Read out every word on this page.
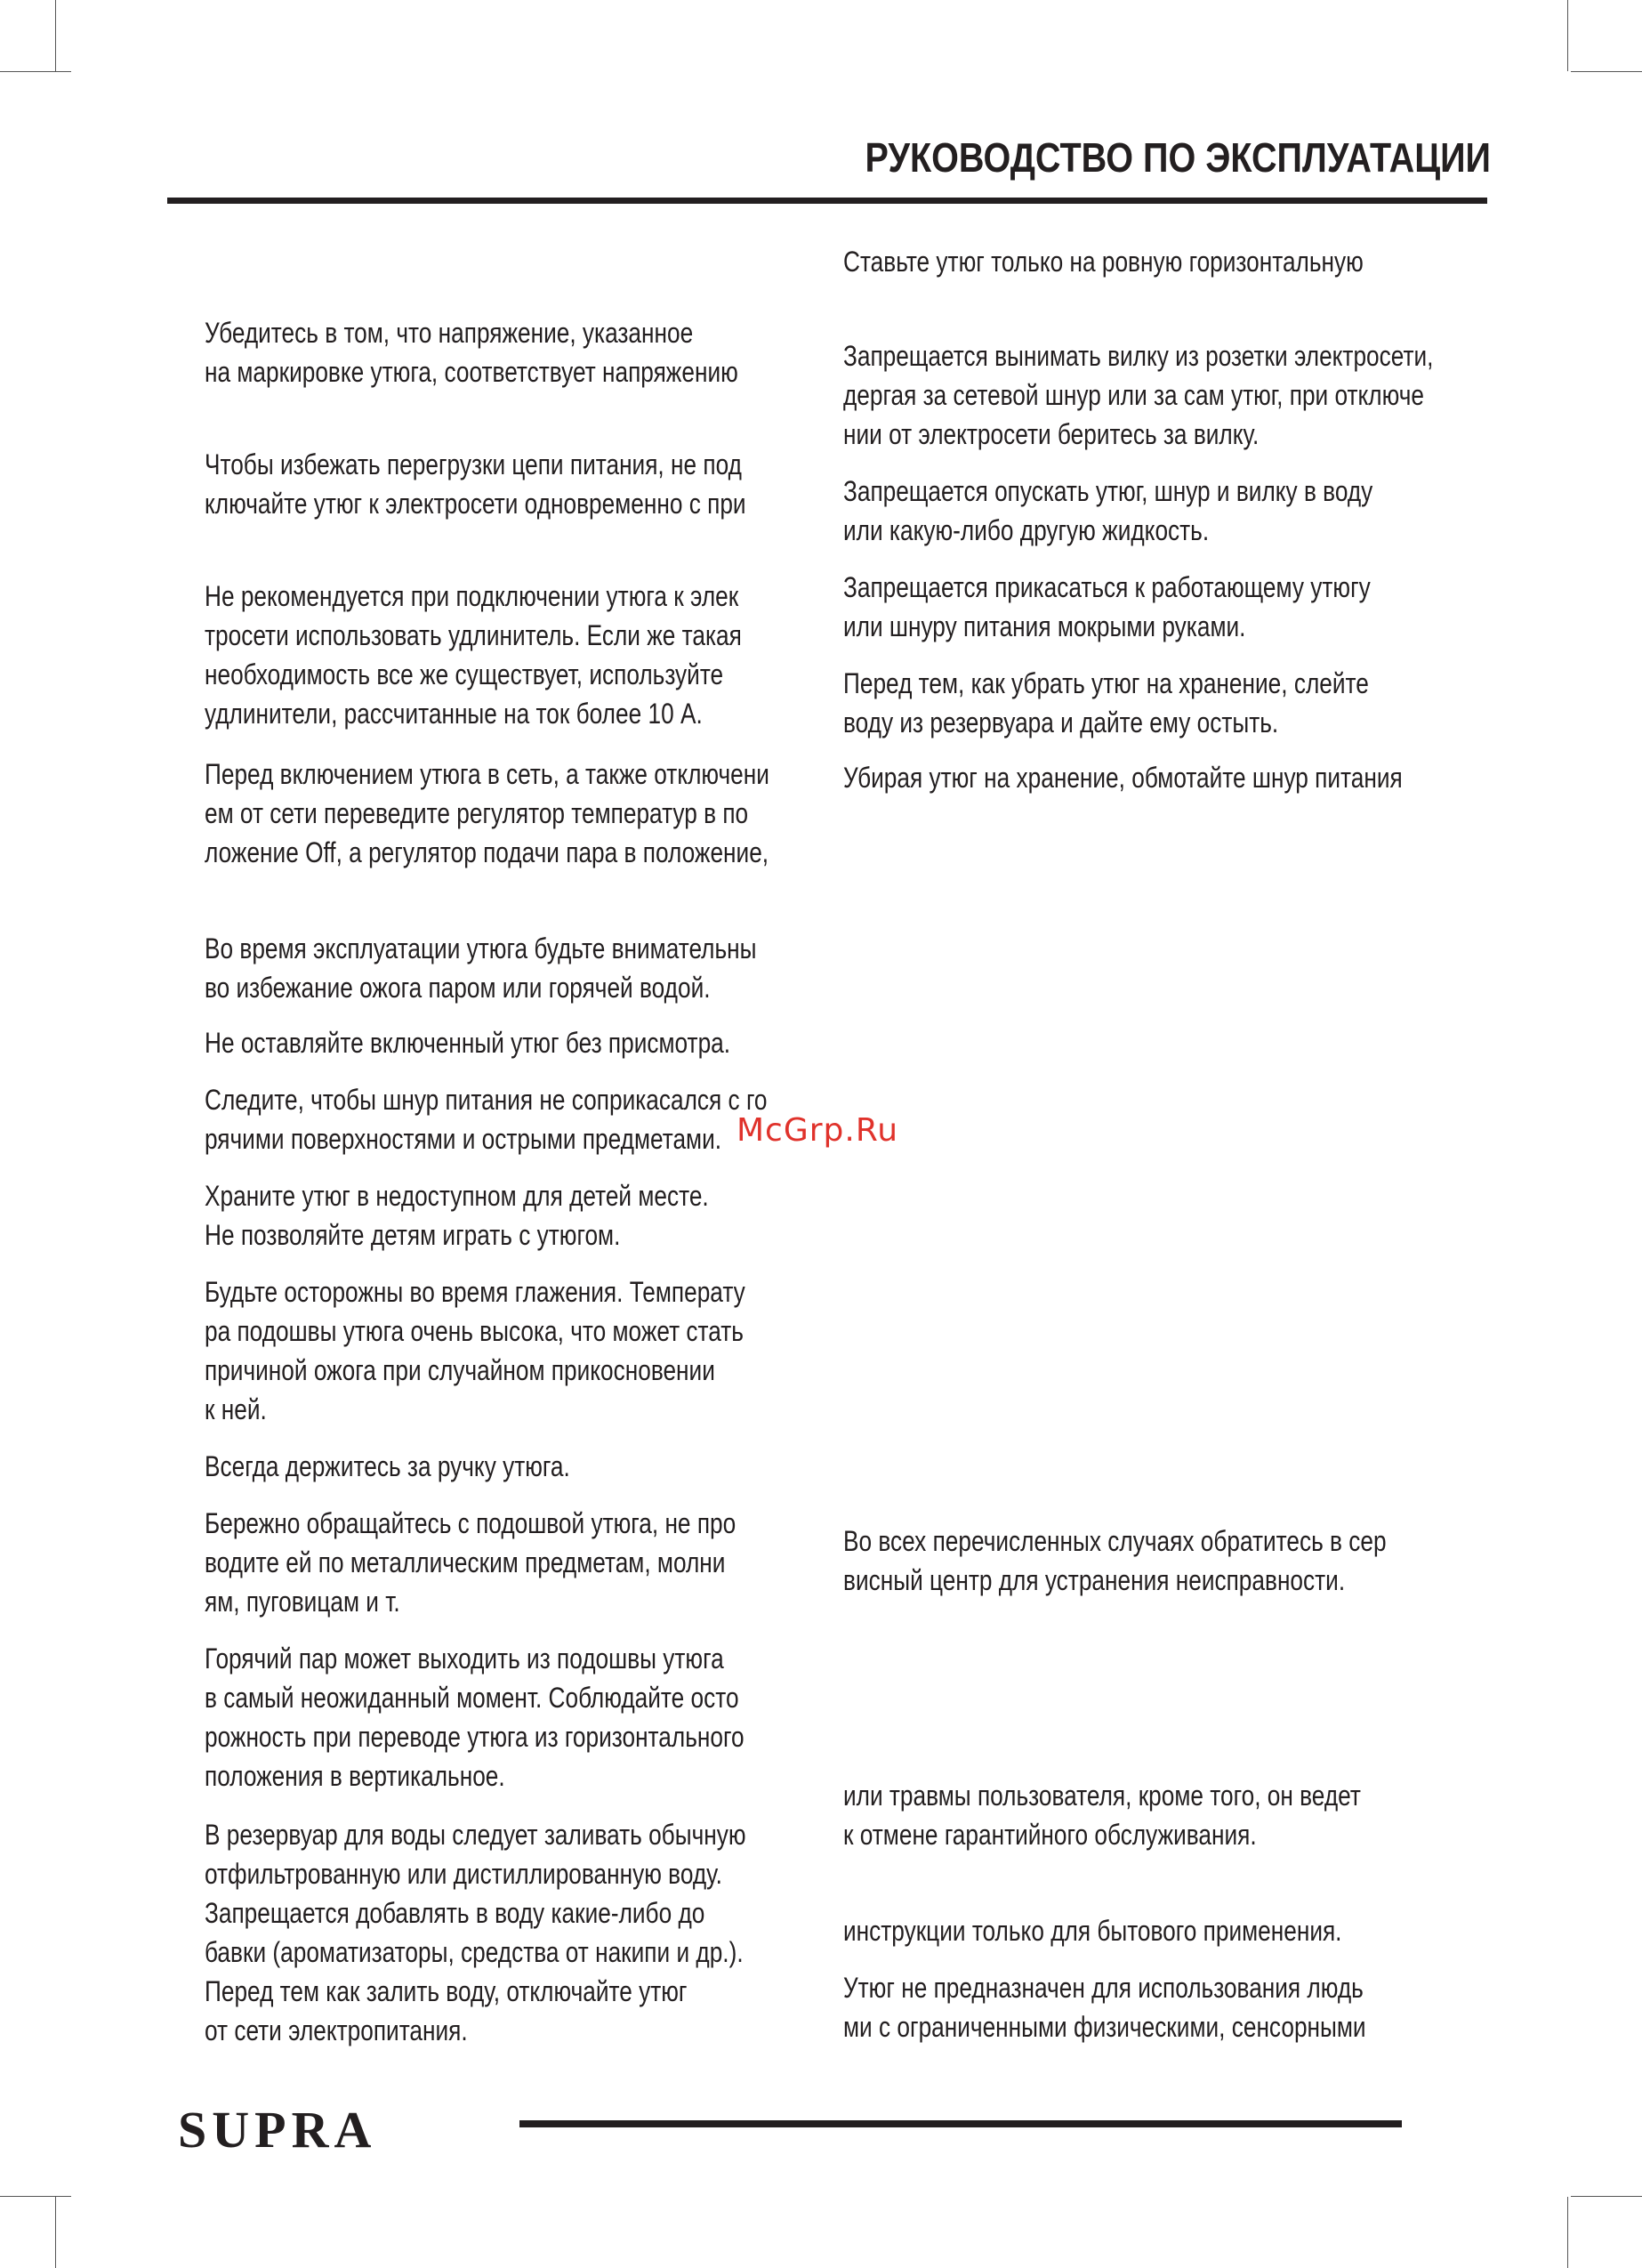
РУКОВОДСТВО ПО ЭКСПЛУАТАЦИИ

Убедитесь в том, что напряжение, указанное
на маркировке утюга, соответствует напряжению

Чтобы избежать перегрузки цепи питания, не под
ключайте утюг к электросети одновременно с при

Не рекомендуется при подключении утюга к элек
тросети использовать удлинитель. Если же такая
необходимость все же существует, используйте
удлинители, рассчитанные на ток более 10 А.

Перед включением утюга в сеть, а также отключени
ем от сети переведите регулятор температур в по
ложение Off, а регулятор подачи пара в положение,

Во время эксплуатации утюга будьте внимательны
во избежание ожога паром или горячей водой.

Не оставляйте включенный утюг без присмотра.

Следите, чтобы шнур питания не соприкасался с го
рячими поверхностями и острыми предметами.

Храните утюг в недоступном для детей месте.
Не позволяйте детям играть с утюгом.

Будьте осторожны во время глажения. Температу
ра подошвы утюга очень высока, что может стать
причиной ожога при случайном прикосновении
к ней.

Всегда держитесь за ручку утюга.

Бережно обращайтесь с подошвой утюга, не про
водите ей по металлическим предметам, молни
ям, пуговицам и т.

Горячий пар может выходить из подошвы утюга
в самый неожиданный момент. Соблюдайте осто
рожность при переводе утюга из горизонтального
положения в вертикальное.

В резервуар для воды следует заливать обычную
отфильтрованную или дистиллированную воду.
Запрещается добавлять в воду какие-либо до
бавки (ароматизаторы, средства от накипи и др.).
Перед тем как залить воду, отключайте утюг
от сети электропитания.

Ставьте утюг только на ровную горизонтальную

Запрещается вынимать вилку из розетки электросети,
дергая за сетевой шнур или за сам утюг, при отключе
нии от электросети беритесь за вилку.

Запрещается опускать утюг, шнур и вилку в воду
или какую-либо другую жидкость.

Запрещается прикасаться к работающему утюгу
или шнуру питания мокрыми руками.

Перед тем, как убрать утюг на хранение, слейте
воду из резервуара и дайте ему остыть.

Убирая утюг на хранение, обмотайте шнур питания

Во всех перечисленных случаях обратитесь в сер
висный центр для устранения неисправности.

или травмы пользователя, кроме того, он ведет
к отмене гарантийного обслуживания.

инструкции только для бытового применения.

Утюг не предназначен для использования людь
ми с ограниченными физическими, сенсорными

McGrp.Ru
SUPRA
